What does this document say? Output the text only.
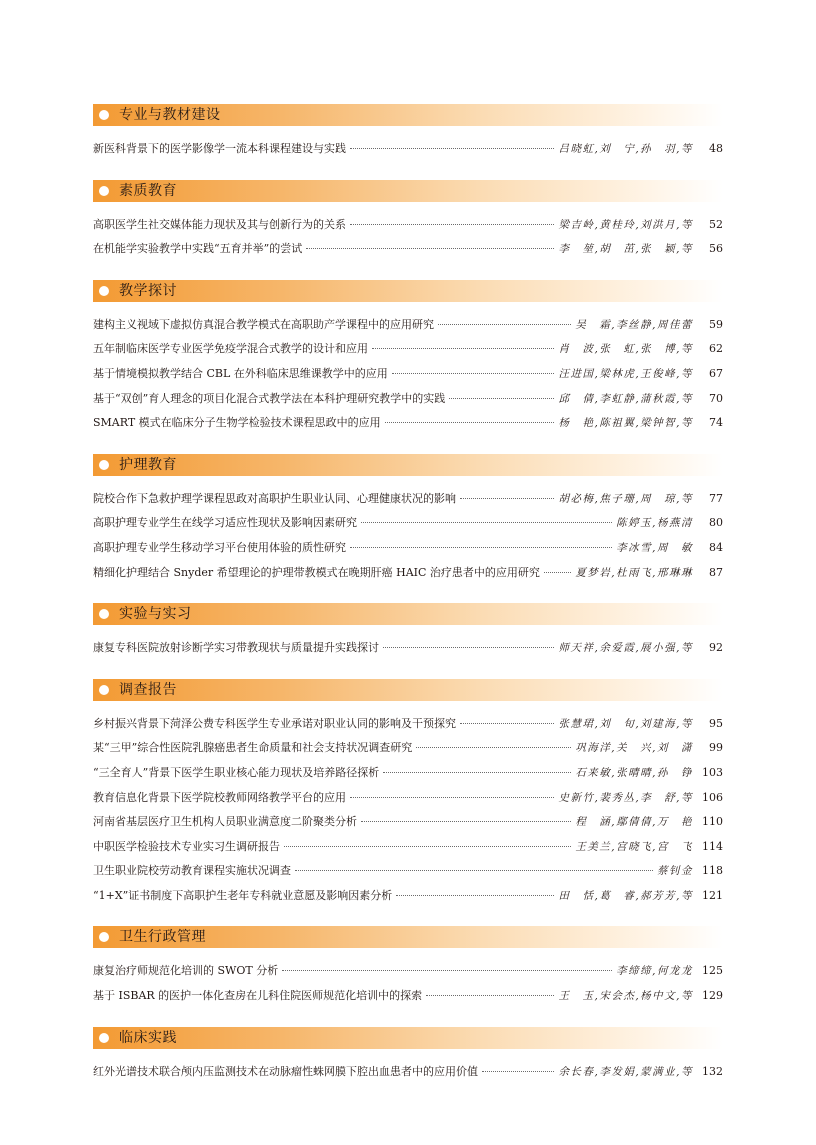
专业与教材建设
新医科背景下的医学影像学一流本科课程建设与实践	吕晓虹,刘　宁,孙　羽,等	48
素质教育
高职医学生社交媒体能力现状及其与创新行为的关系	梁吉岭,黄桂玲,刘洪月,等	52
在机能学实验教学中实践“五育并举”的尝试	李　堃,胡　茁,张　颖,等	56
教学探讨
建构主义视域下虚拟仿真混合教学模式在高职助产学课程中的应用研究	吴　霜,李丝静,周佳蕾	59
五年制临床医学专业医学免疫学混合式教学的设计和应用	肖　波,张　虹,张　博,等	62
基于情境模拟教学结合 CBL 在外科临床思维课教学中的应用	汪进国,梁林虎,王俊峰,等	67
基于“双创”育人理念的项目化混合式教学法在本科护理研究教学中的实践	邱　倩,李虹静,蒲秋霞,等	70
SMART 模式在临床分子生物学检验技术课程思政中的应用	杨　艳,陈祖翼,梁钟智,等	74
护理教育
院校合作下急救护理学课程思政对高职护生职业认同、心理健康状况的影响	胡必梅,焦子珊,周　琼,等	77
高职护理专业学生在线学习适应性现状及影响因素研究	陈婷玉,杨燕清	80
高职护理专业学生移动学习平台使用体验的质性研究	李冰雪,周　敏	84
精细化护理结合 Snyder 希望理论的护理带教模式在晚期肝癌 HAIC 治疗患者中的应用研究	夏梦岩,杜雨飞,邢琳琳	87
实验与实习
康复专科医院放射诊断学实习带教现状与质量提升实践探讨	师天祥,余爱霞,展小强,等	92
调查报告
乡村振兴背景下菏泽公费专科医学生专业承诺对职业认同的影响及干预探究	张慧珺,刘　旬,刘建海,等	95
某“三甲”综合性医院乳腺癌患者生命质量和社会支持状况调查研究	巩海洋,关　兴,刘　潇	99
“三全育人”背景下医学生职业核心能力现状及培养路径探析	石来敏,张晴晴,孙　铮 103
教育信息化背景下医学院校教师网络教学平台的应用	史新竹,裴秀丛,李　舒,等 106
河南省基层医疗卫生机构人员职业满意度二阶聚类分析	程　涵,鄢倩倩,万　艳 110
中职医学检验技术专业实习生调研报告	王美兰,宫晓飞,宫　飞 114
卫生职业院校劳动教育课程实施状况调查	蔡钊金 118
“1+X”证书制度下高职护生老年专科就业意愿及影响因素分析	田　恬,葛　睿,郝芳芳,等 121
卫生行政管理
康复治疗师规范化培训的 SWOT 分析	李缔缔,何龙龙 125
基于 ISBAR 的医护一体化查房在儿科住院医师规范化培训中的探索	王　玉,宋会杰,杨中文,等 129
临床实践
红外光谱技术联合颅内压监测技术在动脉瘤性蛛网膜下腔出血患者中的应用价值	余长春,李发娟,蒙满业,等 132
